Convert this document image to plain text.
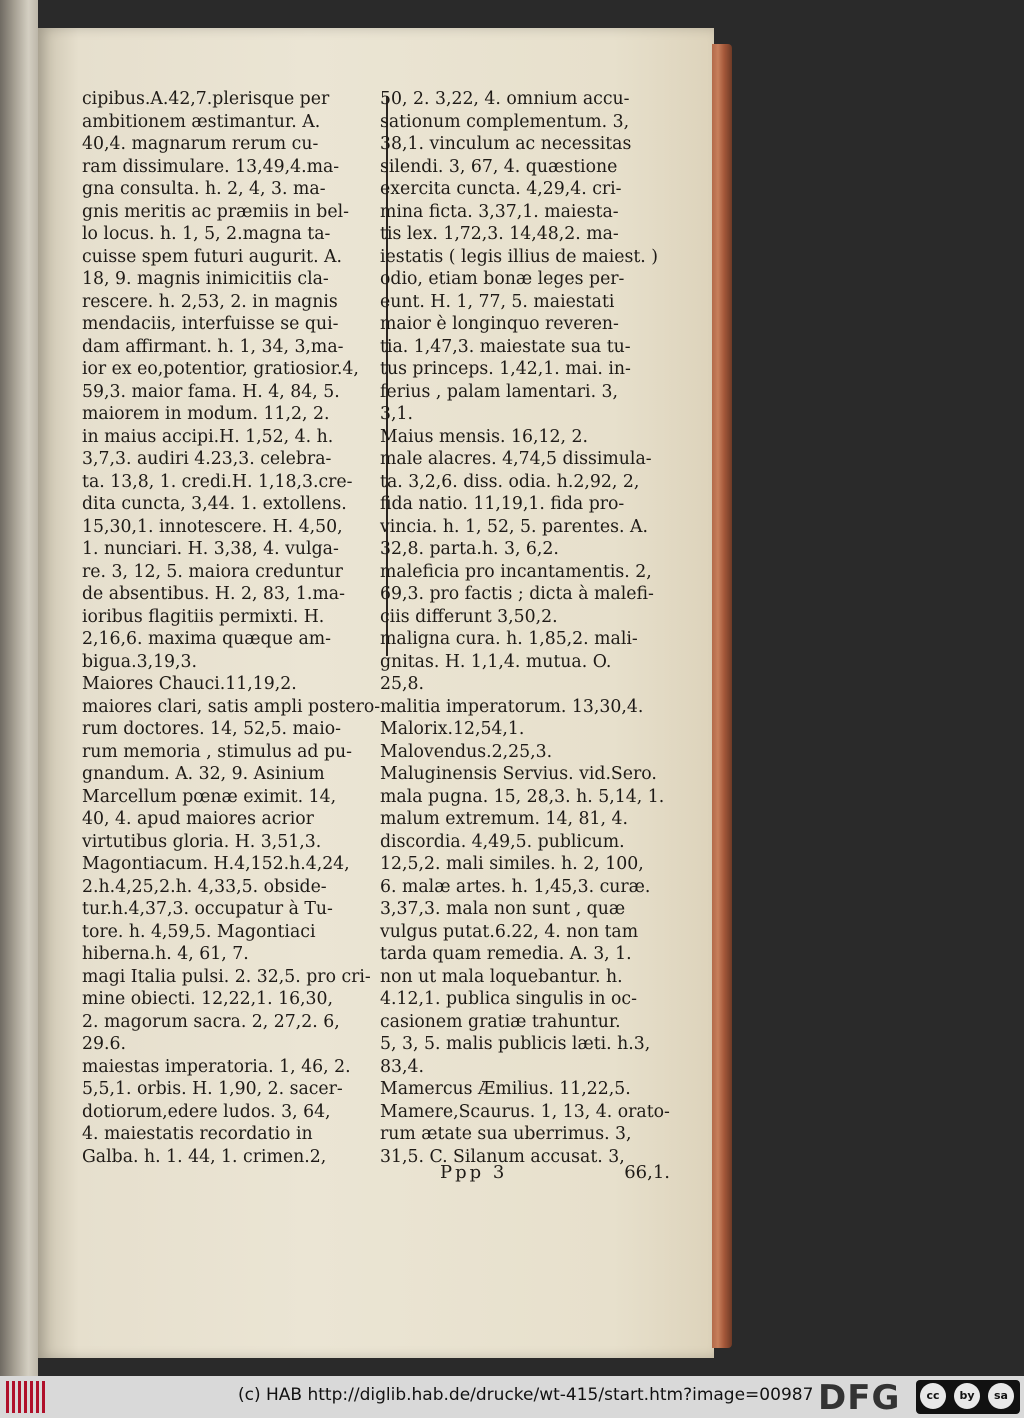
cipibus.A.42,7.plerisque per
ambitionem æstimantur. A.
40,4. magnarum rerum cu-
ram dissimulare. 13,49,4.ma-
gna consulta. h. 2, 4, 3. ma-
gnis meritis ac præmiis in bel-
lo locus. h. 1, 5, 2.magna ta-
cuisse spem futuri augurit. A.
18, 9. magnis inimicitiis cla-
rescere. h. 2,53, 2. in magnis
mendaciis, interfuisse se qui-
dam affirmant. h. 1, 34, 3,ma-
ior ex eo,potentior, gratiosior.4,
59,3. maior fama. H. 4, 84, 5.
maiorem in modum. 11,2, 2.
in maius accipi.H. 1,52, 4. h.
3,7,3. audiri 4.23,3. celebra-
ta. 13,8, 1. credi.H. 1,18,3.cre-
dita cuncta, 3,44. 1. extollens.
15,30,1. innotescere. H. 4,50,
1. nunciari. H. 3,38, 4. vulga-
re. 3, 12, 5. maiora creduntur
de absentibus. H. 2, 83, 1.ma-
ioribus flagitiis permixti. H.
2,16,6. maxima quæque am-
bigua.3,19,3.
Maiores Chauci.11,19,2.
maiores clari, satis ampli postero-
rum doctores. 14, 52,5. maio-
rum memoria , stimulus ad pu-
gnandum. A. 32, 9. Asinium
Marcellum pœnæ eximit. 14,
40, 4. apud maiores acrior
virtutibus gloria. H. 3,51,3.
Magontiacum. H.4,152.h.4,24,
2.h.4,25,2.h. 4,33,5. obside-
tur.h.4,37,3. occupatur à Tu-
tore. h. 4,59,5. Magontiaci
hiberna.h. 4, 61, 7.
magi Italia pulsi. 2. 32,5. pro cri-
mine obiecti. 12,22,1. 16,30,
2. magorum sacra. 2, 27,2. 6,
29.6.
maiestas imperatoria. 1, 46, 2.
5,5,1. orbis. H. 1,90, 2. sacer-
dotiorum,edere ludos. 3, 64,
4. maiestatis recordatio in
Galba. h. 1. 44, 1. crimen.2,
50, 2. 3,22, 4. omnium accu-
sationum complementum. 3,
38,1. vinculum ac necessitas
silendi. 3, 67, 4. quæstione
exercita cuncta. 4,29,4. cri-
mina ficta. 3,37,1. maiesta-
tis lex. 1,72,3. 14,48,2. ma-
iestatis ( legis illius de maiest. )
odio, etiam bonæ leges per-
eunt. H. 1, 77, 5. maiestati
maior è longinquo reveren-
tia. 1,47,3. maiestate sua tu-
tus princeps. 1,42,1. mai. in-
ferius , palam lamentari. 3,
3,1.
Maius mensis. 16,12, 2.
male alacres. 4,74,5 dissimula-
ta. 3,2,6. diss. odia. h.2,92, 2,
fida natio. 11,19,1. fida pro-
vincia. h. 1, 52, 5. parentes. A.
32,8. parta.h. 3, 6,2.
maleficia pro incantamentis. 2,
69,3. pro factis ; dicta à malefi-
ciis differunt 3,50,2.
maligna cura. h. 1,85,2. mali-
gnitas. H. 1,1,4. mutua. O.
25,8.
malitia imperatorum. 13,30,4.
Malorix.12,54,1.
Malovendus.2,25,3.
Maluginensis Servius. vid.Sero.
mala pugna. 15, 28,3. h. 5,14, 1.
malum extremum. 14, 81, 4.
discordia. 4,49,5. publicum.
12,5,2. mali similes. h. 2, 100,
6. malæ artes. h. 1,45,3. curæ.
3,37,3. mala non sunt , quæ
vulgus putat.6.22, 4. non tam
tarda quam remedia. A. 3, 1.
non ut mala loquebantur. h.
4.12,1. publica singulis in oc-
casionem gratiæ trahuntur.
5, 3, 5. malis publicis læti. h.3,
83,4.
Mamercus Æmilius. 11,22,5.
Mamere,Scaurus. 1, 13, 4. orato-
rum ætate sua uberrimus. 3,
31,5. C. Silanum accusat. 3,
Ppp 3	66,1.
(c) HAB http://diglib.hab.de/drucke/wt-415/start.htm?image=00987 DFG	cc	by	sa
